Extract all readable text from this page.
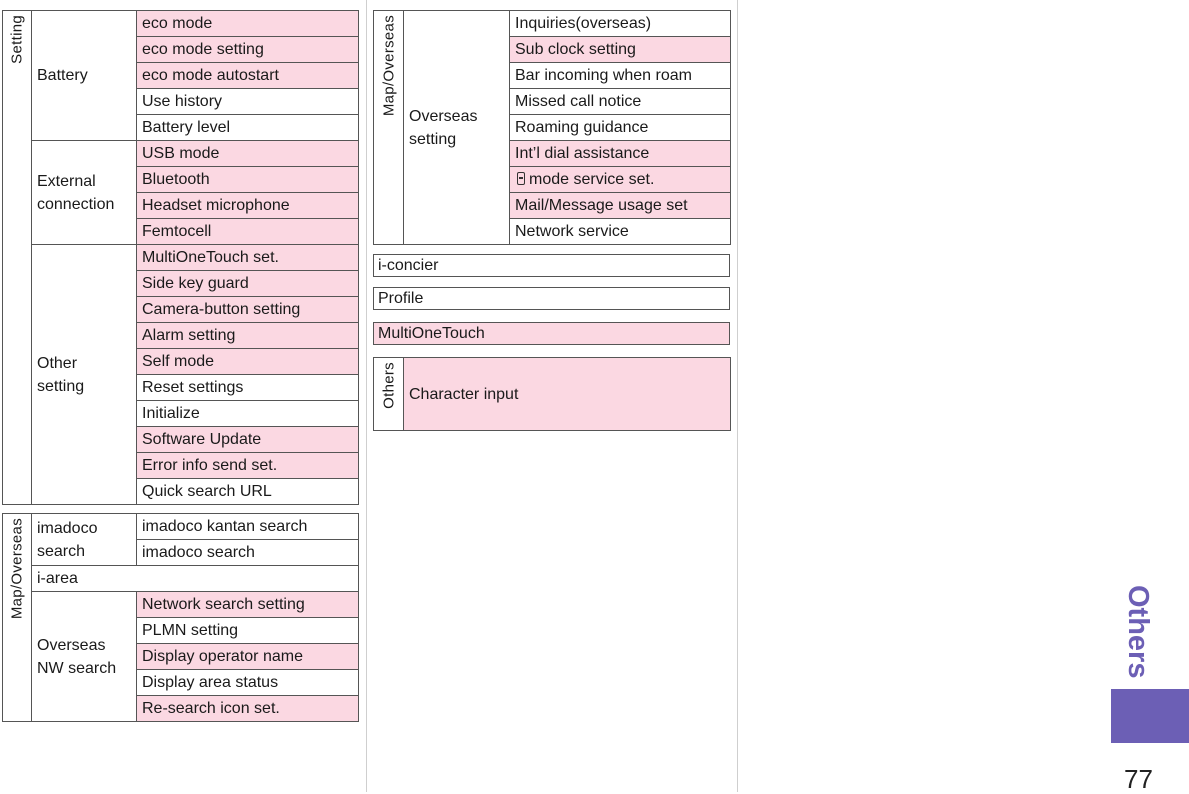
Setting	Battery	eco mode
		eco mode setting
		eco mode autostart
		Use history
		Battery level
	External connection	USB mode
		Bluetooth
		Headset microphone
		Femtocell
	Other setting	MultiOneTouch set.
		Side key guard
		Camera-button setting
		Alarm setting
		Self mode
		Reset settings
		Initialize
		Software Update
		Error info send set.
		Quick search URL
Map/Overseas	imadoco search	imadoco kantan search
		imadoco search
	i-area	
	Overseas NW search	Network search setting
		PLMN setting
		Display operator name
		Display area status
		Re-search icon set.
Map/Overseas	Overseas setting	Inquiries(overseas)
Sub clock setting
Bar incoming when roam
Missed call notice
Roaming guidance
Int’l dial assistance
mode service set.
Mail/Message usage set
Network service
i-concier
Profile
MultiOneTouch
Others	Character input
Others
77
